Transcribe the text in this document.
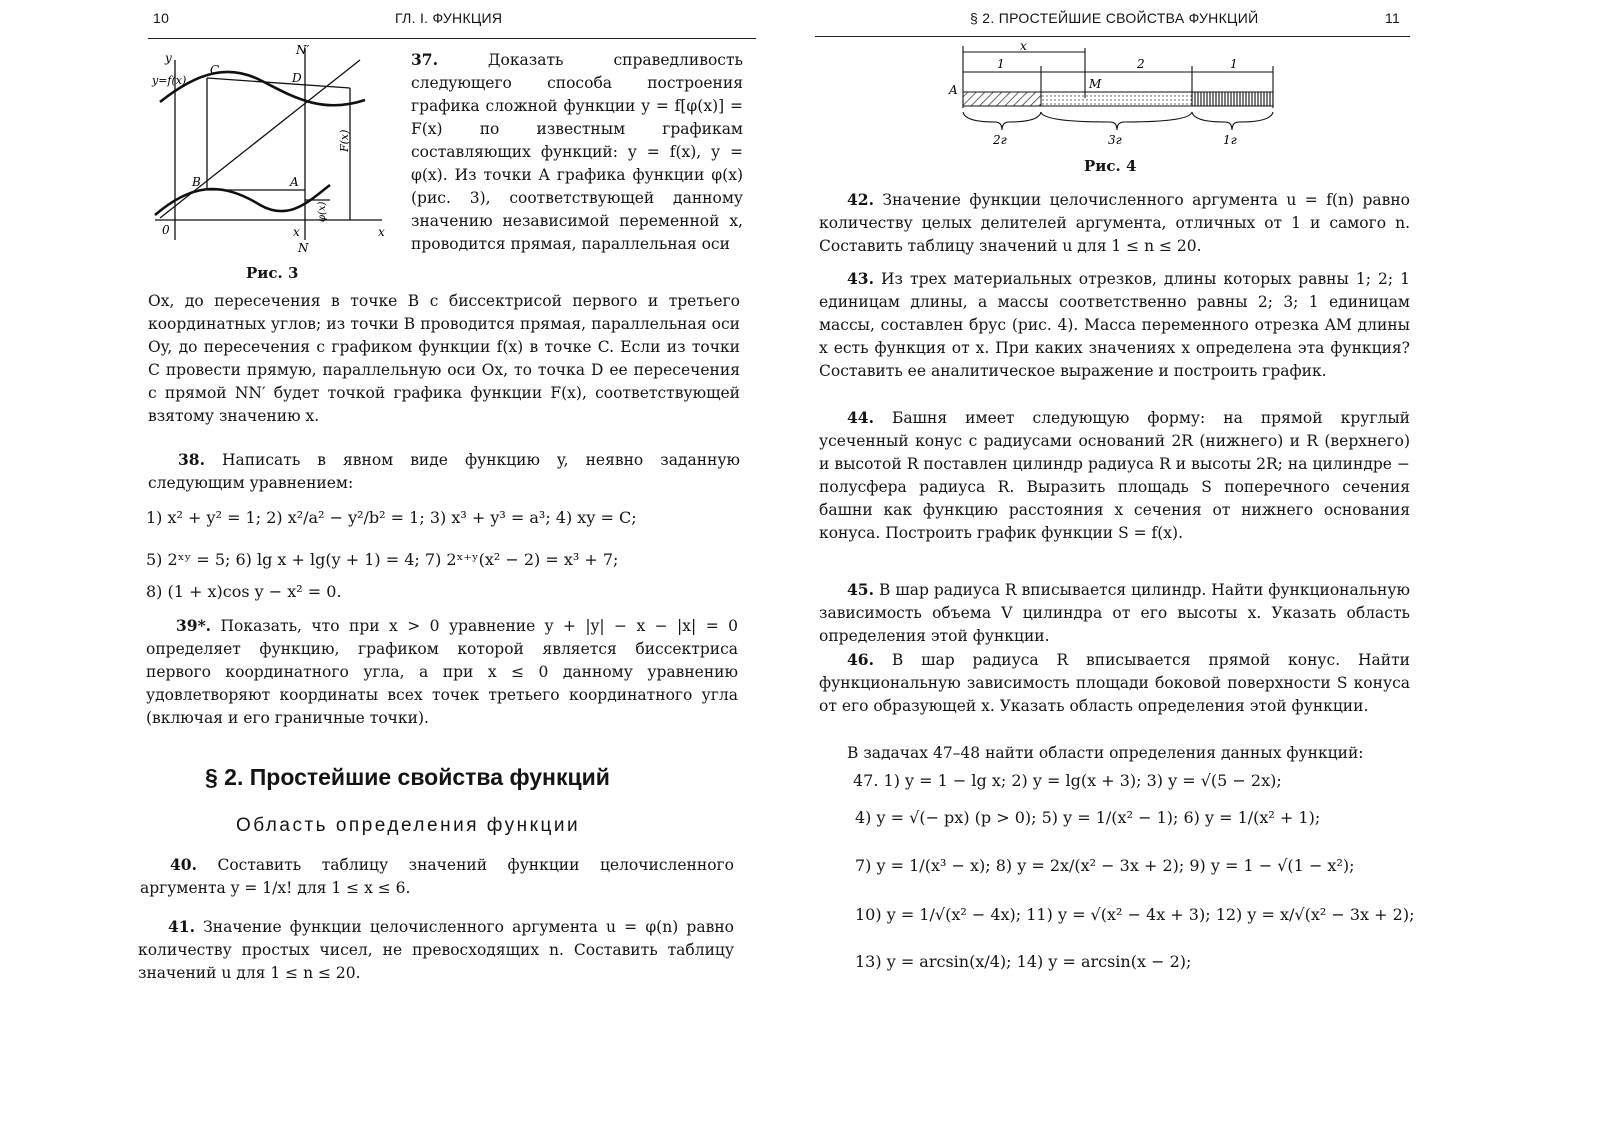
10	ГЛ. I. ФУНКЦИЯ
y
y=f(x)
C
N′
D
B	A
F(x)
φ(x)
0	x
N
x
Рис. 3

37.	Доказать справедливость следующего способа построения графика сложной функции y = f[φ(x)] = F(x) по известным графикам составляющих функций: y = f(x), y = φ(x). Из точки A графика функции φ(x) (рис. 3), соответствующей данному значению независимой переменной x, проводится прямая, параллельная оси

Ox, до пересечения в точке B с биссектрисой первого и третьего координатных углов; из точки B проводится прямая, параллельная оси Oy, до пересечения с графиком функции f(x) в точке C. Если из точки C провести прямую, параллельную оси Ox, то точка D ее пересечения с прямой NN′ будет точкой графика функции F(x), соответствующей взятому значению x.

38. Написать в явном виде функцию y, неявно заданную следующим уравнением:

1) x² + y² = 1; 2) x²/a² − y²/b² = 1; 3) x³ + y³ = a³; 4) xy = C;
5) 2ˣʸ = 5; 6) lg x + lg(y + 1) = 4; 7) 2ˣ⁺ʸ(x² − 2) = x³ + 7;
8) (1 + x)cos y − x² = 0.

39*. Показать, что при x > 0 уравнение y + |y| − x − |x| = 0 определяет функцию, графиком которой является биссектриса первого координатного угла, а при x ≤ 0 данному уравнению удовлетворяют координаты всех точек третьего координатного угла (включая и его граничные точки).

§ 2. Простейшие свойства функций
Область определения функции

40. Составить таблицу значений функции целочисленного аргумента y = 1/x! для 1 ≤ x ≤ 6.

41. Значение функции целочисленного аргумента u = φ(n) равно количеству простых чисел, не превосходящих n. Составить таблицу значений u для 1 ≤ n ≤ 20.

§ 2. ПРОСТЕЙШИЕ СВОЙСТВА ФУНКЦИЙ	11
x
1	2	1
A	M
2г	3г	1г
Рис. 4

42. Значение функции целочисленного аргумента u = f(n) равно количеству целых делителей аргумента, отличных от 1 и самого n. Составить таблицу значений u для 1 ≤ n ≤ 20.

43. Из трех материальных отрезков, длины которых равны 1; 2; 1 единицам длины, а массы соответственно равны 2; 3; 1 единицам массы, составлен брус (рис. 4). Масса переменного отрезка AM длины x есть функция от x. При каких значениях x определена эта функция? Составить ее аналитическое выражение и построить график.

44. Башня имеет следующую форму: на прямой круглый усеченный конус с радиусами оснований 2R (нижнего) и R (верхнего) и высотой R поставлен цилиндр радиуса R и высоты 2R; на цилиндре − полусфера радиуса R. Выразить площадь S поперечного сечения башни как функцию расстояния x сечения от нижнего основания конуса. Построить график функции S = f(x).

45. В шар радиуса R вписывается цилиндр. Найти функциональную зависимость объема V цилиндра от его высоты x. Указать область определения этой функции.

46. В шар радиуса R вписывается прямой конус. Найти функциональную зависимость площади боковой поверхности S конуса от его образующей x. Указать область определения этой функции.

В задачах 47–48 найти области определения данных функций:

47. 1) y = 1 − lg x; 2) y = lg(x + 3); 3) y = √(5 − 2x);
4) y = √(− px) (p > 0); 5) y = 1/(x² − 1); 6) y = 1/(x² + 1);
7) y = 1/(x³ − x); 8) y = 2x/(x² − 3x + 2); 9) y = 1 − √(1 − x²);
10) y = 1/√(x² − 4x); 11) y = √(x² − 4x + 3); 12) y = x/√(x² − 3x + 2);
13) y = arcsin(x/4); 14) y = arcsin(x − 2);
